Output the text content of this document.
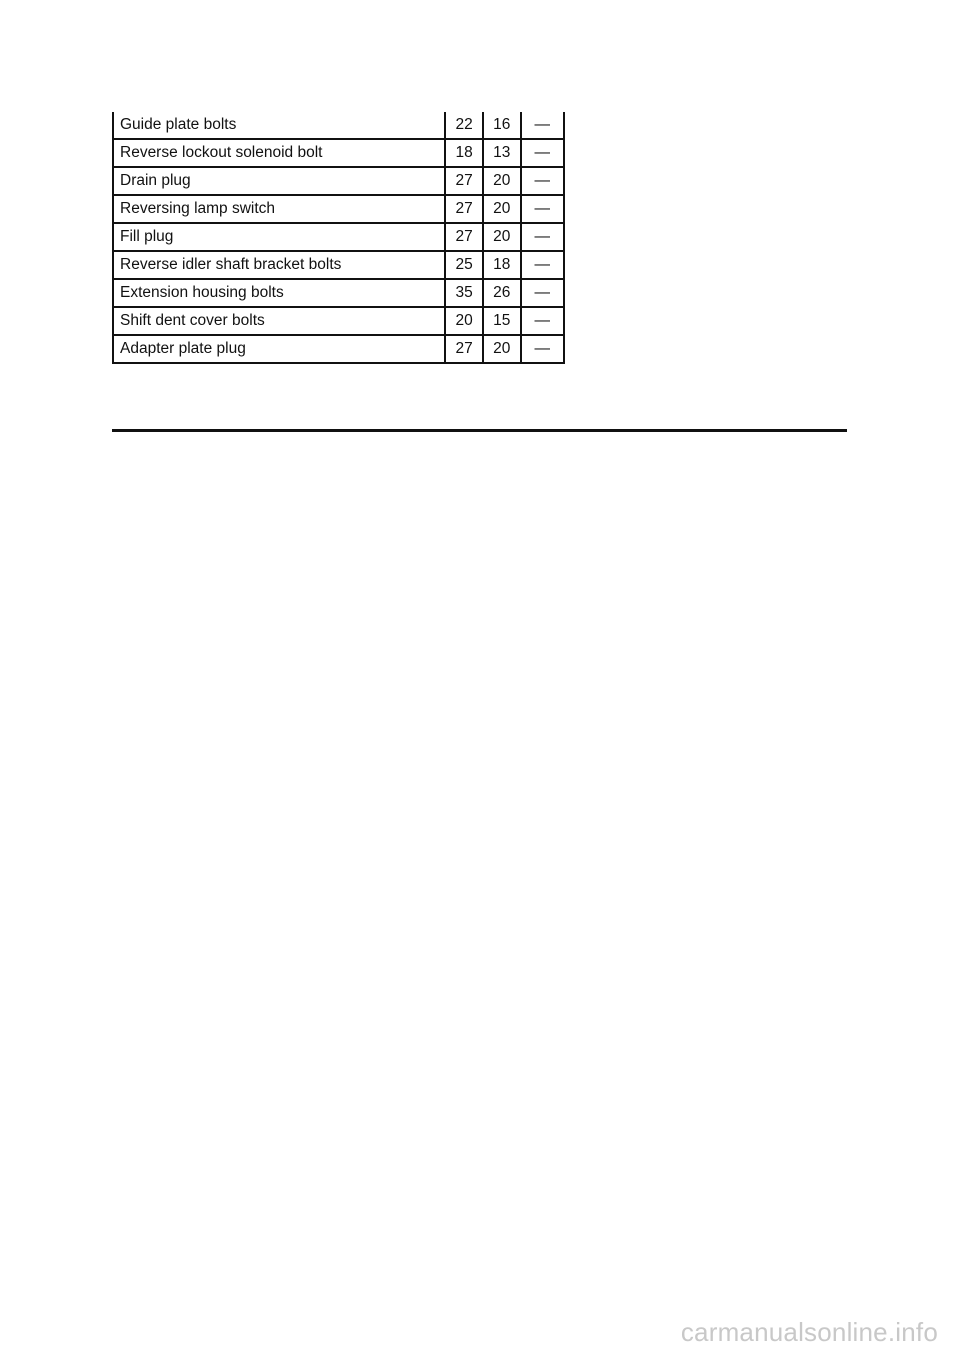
Guide plate bolts	22	16	—
Reverse lockout solenoid bolt	18	13	—
Drain plug	27	20	—
Reversing lamp switch	27	20	—
Fill plug	27	20	—
Reverse idler shaft bracket bolts	25	18	—
Extension housing bolts	35	26	—
Shift dent cover bolts	20	15	—
Adapter plate plug	27	20	—
carmanualsonline.info
